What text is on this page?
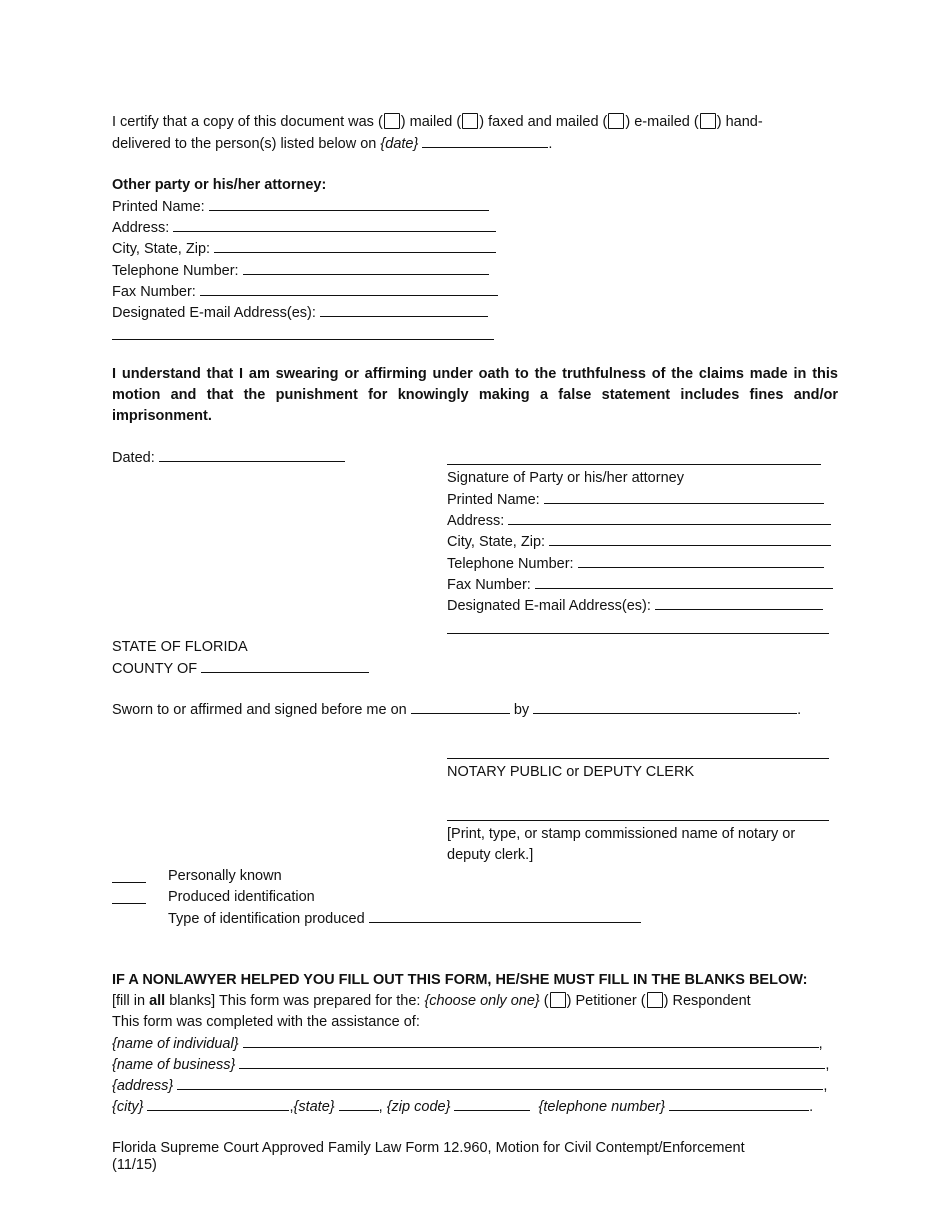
I certify that a copy of this document was ( ) mailed ( ) faxed and mailed ( ) e-mailed ( ) hand-
delivered to the person(s) listed below on {date}	.
Other party or his/her attorney:
Printed Name:
Address:
City, State, Zip:
Telephone Number:
Fax Number:
Designated E-mail Address(es):
I understand that I am swearing or affirming under oath to the truthfulness of the claims made in this motion and that the punishment for knowingly making a false statement includes fines and/or imprisonment.
Dated:
Signature of Party or his/her attorney
Printed Name:
Address:
City, State, Zip:
Telephone Number:
Fax Number:
Designated E-mail Address(es):
STATE OF FLORIDA
COUNTY OF
Sworn to or affirmed and signed before me on	by	.
NOTARY PUBLIC or DEPUTY CLERK
[Print, type, or stamp commissioned name of notary or
deputy clerk.]
Personally known
Produced identification
Type of identification produced
IF A NONLAWYER HELPED YOU FILL OUT THIS FORM, HE/SHE MUST FILL IN THE BLANKS BELOW:
[fill in all blanks] This form was prepared for the: {choose only one} ( ) Petitioner ( ) Respondent
This form was completed with the assistance of:
{name of individual}	,
{name of business}	,
{address}	,
{city}	,{state}	, {zip code}	{telephone number}	.
Florida Supreme Court Approved Family Law Form 12.960, Motion for Civil Contempt/Enforcement
(11/15)
